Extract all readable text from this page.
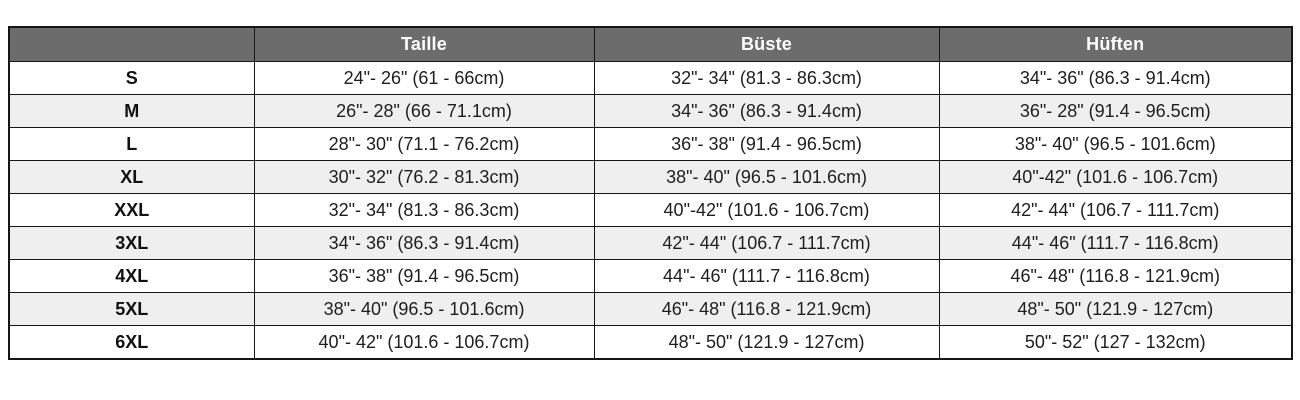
	Taille	Büste	Hüften
S	24"- 26" (61 - 66cm)	32"- 34" (81.3 - 86.3cm)	34"- 36" (86.3 - 91.4cm)
M	26"- 28" (66 - 71.1cm)	34"- 36" (86.3 - 91.4cm)	36"- 28" (91.4 - 96.5cm)
L	28"- 30" (71.1 - 76.2cm)	36"- 38" (91.4 - 96.5cm)	38"- 40" (96.5 - 101.6cm)
XL	30"- 32" (76.2 - 81.3cm)	38"- 40" (96.5 - 101.6cm)	40"-42" (101.6 - 106.7cm)
XXL	32"- 34" (81.3 - 86.3cm)	40"-42" (101.6 - 106.7cm)	42"- 44" (106.7 - 111.7cm)
3XL	34"- 36" (86.3 - 91.4cm)	42"- 44" (106.7 - 111.7cm)	44"- 46" (111.7 - 116.8cm)
4XL	36"- 38" (91.4 - 96.5cm)	44"- 46" (111.7 - 116.8cm)	46"- 48" (116.8 - 121.9cm)
5XL	38"- 40" (96.5 - 101.6cm)	46"- 48" (116.8 - 121.9cm)	48"- 50" (121.9 - 127cm)
6XL	40"- 42" (101.6 - 106.7cm)	48"- 50" (121.9 - 127cm)	50"- 52" (127 - 132cm)
